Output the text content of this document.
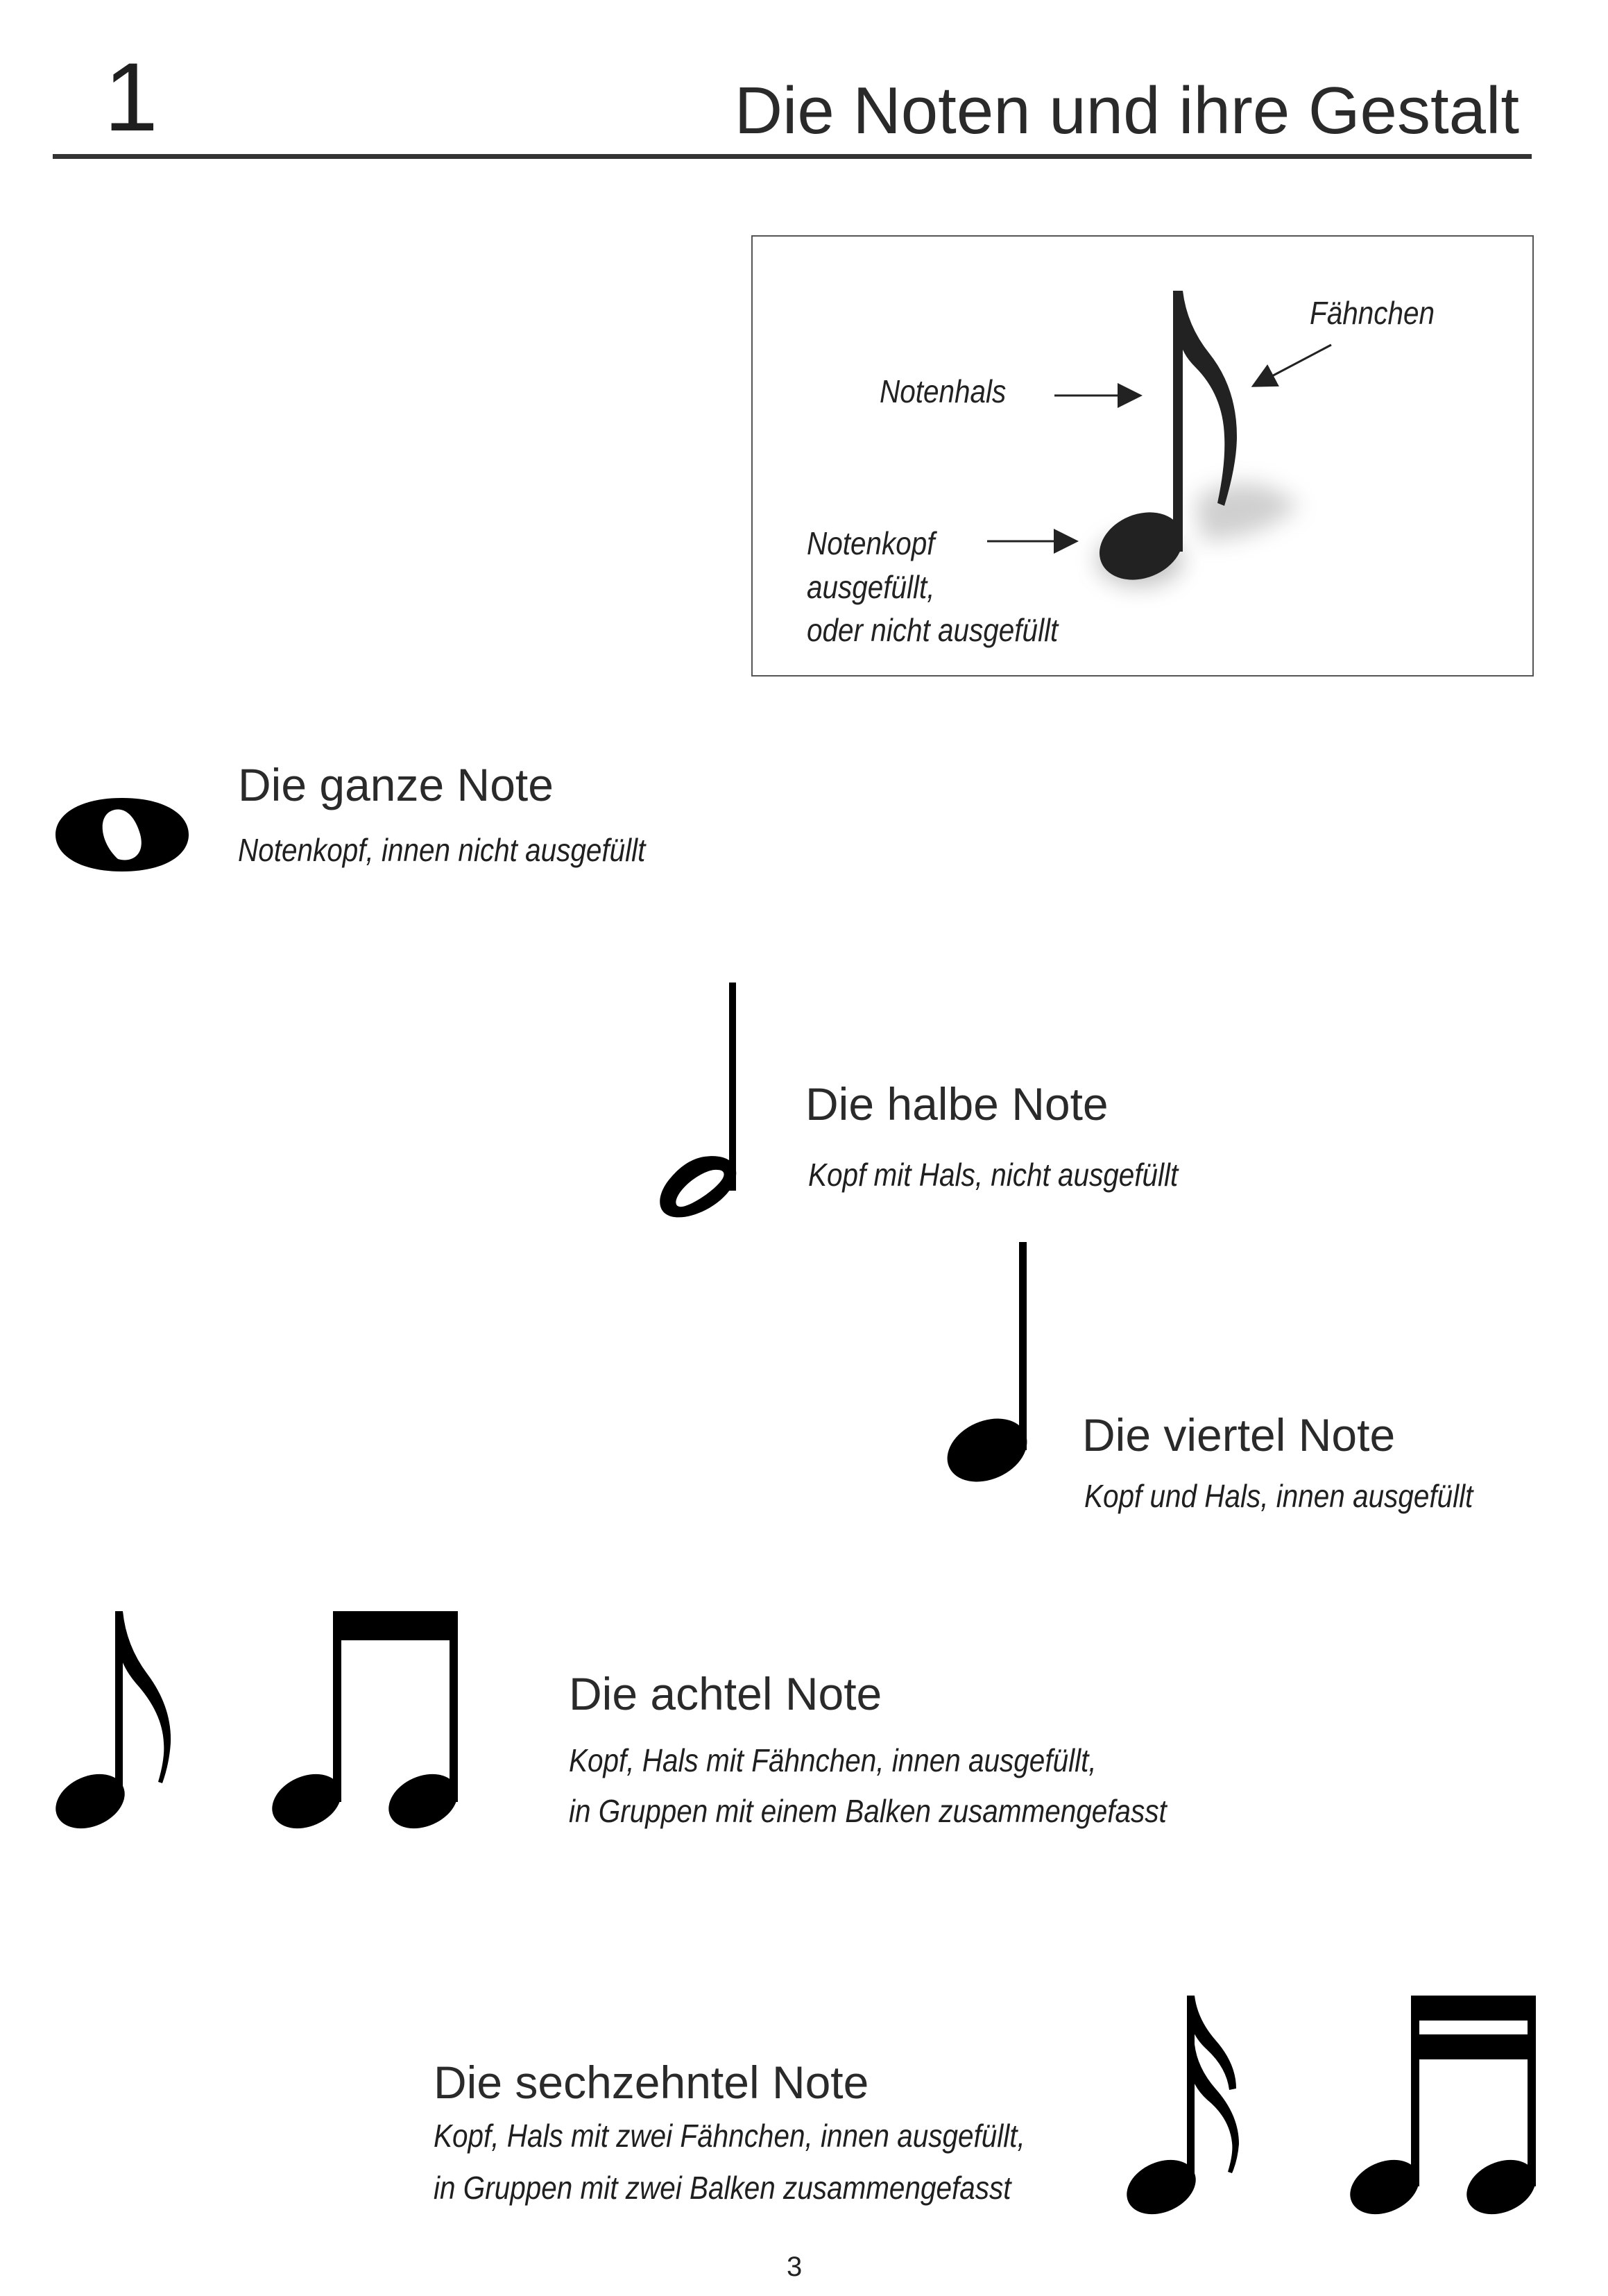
1	Die Noten und ihre Gestalt
Fähnchen
Notenhals
Notenkopf
ausgefüllt,
oder nicht ausgefüllt
Die ganze Note
Notenkopf, innen nicht ausgefüllt
Die halbe Note
Kopf mit Hals, nicht ausgefüllt
Die viertel Note
Kopf und Hals, innen ausgefüllt
Die achtel Note
Kopf, Hals mit Fähnchen, innen ausgefüllt,
in Gruppen mit einem Balken zusammengefasst
Die sechzehntel Note
Kopf, Hals mit zwei Fähnchen, innen ausgefüllt,
in Gruppen mit zwei Balken zusammengefasst
3
